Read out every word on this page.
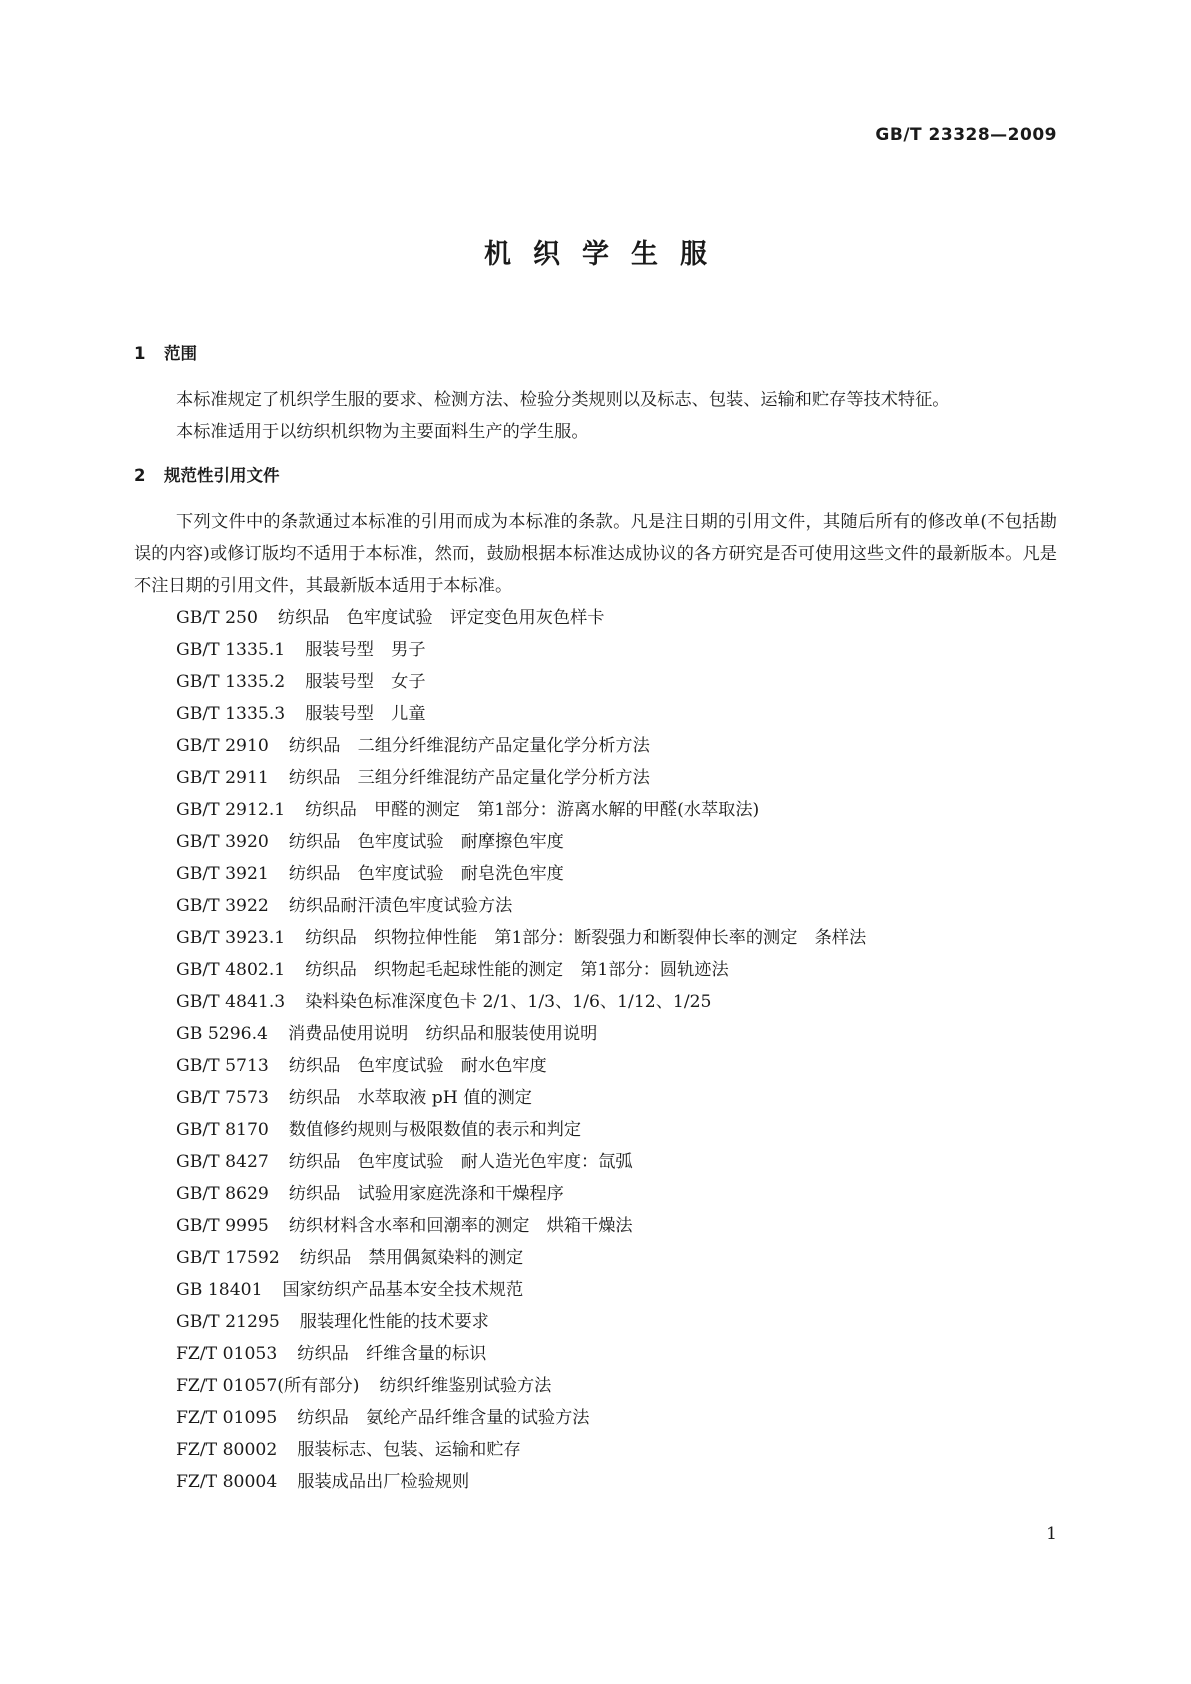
GB/T 23328—2009
机织学生服
1 范围

本标准规定了机织学生服的要求、检测方法、检验分类规则以及标志、包装、运输和贮存等技术特征。

本标准适用于以纺织机织物为主要面料生产的学生服。

2 规范性引用文件

下列文件中的条款通过本标准的引用而成为本标准的条款。凡是注日期的引用文件，其随后所有的修改单(不包括勘误的内容)或修订版均不适用于本标准，然而，鼓励根据本标准达成协议的各方研究是否可使用这些文件的最新版本。凡是不注日期的引用文件，其最新版本适用于本标准。

GB/T 250 纺织品　色牢度试验　评定变色用灰色样卡
GB/T 1335.1 服装号型　男子
GB/T 1335.2 服装号型　女子
GB/T 1335.3 服装号型　儿童
GB/T 2910 纺织品　二组分纤维混纺产品定量化学分析方法
GB/T 2911 纺织品　三组分纤维混纺产品定量化学分析方法
GB/T 2912.1 纺织品　甲醛的测定　第1部分：游离水解的甲醛(水萃取法)
GB/T 3920 纺织品　色牢度试验　耐摩擦色牢度
GB/T 3921 纺织品　色牢度试验　耐皂洗色牢度
GB/T 3922 纺织品耐汗渍色牢度试验方法
GB/T 3923.1 纺织品　织物拉伸性能　第1部分：断裂强力和断裂伸长率的测定　条样法
GB/T 4802.1 纺织品　织物起毛起球性能的测定　第1部分：圆轨迹法
GB/T 4841.3 染料染色标准深度色卡 2/1、1/3、1/6、1/12、1/25
GB 5296.4 消费品使用说明　纺织品和服装使用说明
GB/T 5713 纺织品　色牢度试验　耐水色牢度
GB/T 7573 纺织品　水萃取液 pH 值的测定
GB/T 8170 数值修约规则与极限数值的表示和判定
GB/T 8427 纺织品　色牢度试验　耐人造光色牢度：氙弧
GB/T 8629 纺织品　试验用家庭洗涤和干燥程序
GB/T 9995 纺织材料含水率和回潮率的测定　烘箱干燥法
GB/T 17592 纺织品　禁用偶氮染料的测定
GB 18401 国家纺织产品基本安全技术规范
GB/T 21295 服装理化性能的技术要求
FZ/T 01053 纺织品　纤维含量的标识
FZ/T 01057(所有部分) 纺织纤维鉴别试验方法
FZ/T 01095 纺织品　氨纶产品纤维含量的试验方法
FZ/T 80002 服装标志、包装、运输和贮存
FZ/T 80004 服装成品出厂检验规则
1
